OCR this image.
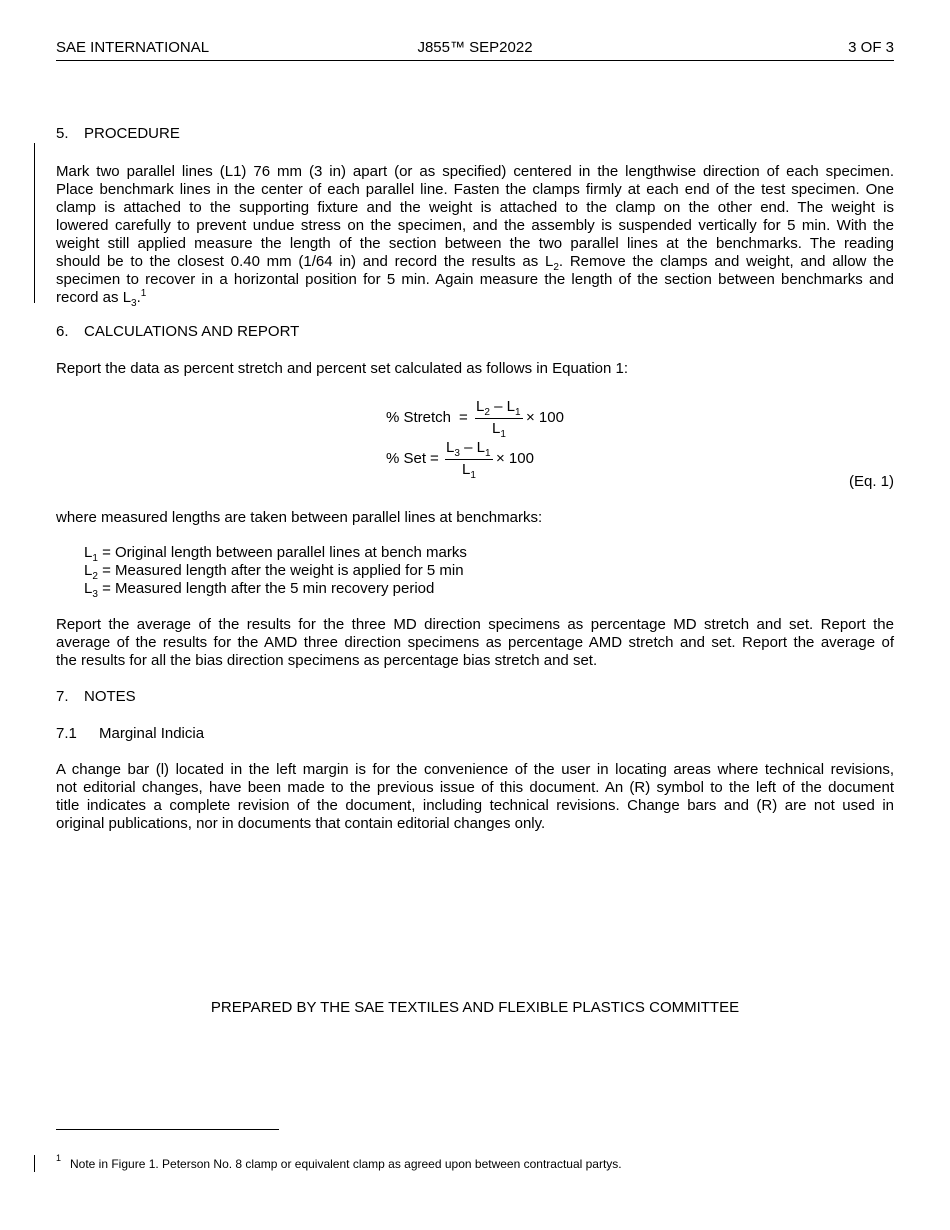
SAE INTERNATIONAL	J855™ SEP2022	3 OF 3
5. PROCEDURE
Mark two parallel lines (L1) 76 mm (3 in) apart (or as specified) centered in the lengthwise direction of each specimen.
Place benchmark lines in the center of each parallel line. Fasten the clamps firmly at each end of the test specimen. One
clamp is attached to the supporting fixture and the weight is attached to the clamp on the other end. The weight is
lowered carefully to prevent undue stress on the specimen, and the assembly is suspended vertically for 5 min. With the
weight still applied measure the length of the section between the two parallel lines at the benchmarks. The reading
should be to the closest 0.40 mm (1/64 in) and record the results as $L_2$. Remove the clamps and weight, and allow the
specimen to recover in a horizontal position for 5 min. Again measure the length of the section between benchmarks and
record as $L_3.^1$
6. CALCULATIONS AND REPORT
Report the data as percent stretch and percent set calculated as follows in Equation 1:
% Stretch =
$L_2 - L_1$
$L_1$
× 100
% Set =
$L_3 - L_1$
$L_1$
× 100
(Eq. 1)
where measured lengths are taken between parallel lines at benchmarks:
$L_1$ = Original length between parallel lines at bench marks
$L_2$ = Measured length after the weight is applied for 5 min
$L_3$ = Measured length after the 5 min recovery period
Report the average of the results for the three MD direction specimens as percentage MD stretch and set. Report the
average of the results for the AMD three direction specimens as percentage AMD stretch and set. Report the average of
the results for all the bias direction specimens as percentage bias stretch and set.
7. NOTES
7.1 Marginal Indicia
A change bar (l) located in the left margin is for the convenience of the user in locating areas where technical revisions,
not editorial changes, have been made to the previous issue of this document. An (R) symbol to the left of the document
title indicates a complete revision of the document, including technical revisions. Change bars and (R) are not used in
original publications, nor in documents that contain editorial changes only.
PREPARED BY THE SAE TEXTILES AND FLEXIBLE PLASTICS COMMITTEE
1 Note in Figure 1. Peterson No. 8 clamp or equivalent clamp as agreed upon between contractual partys.
